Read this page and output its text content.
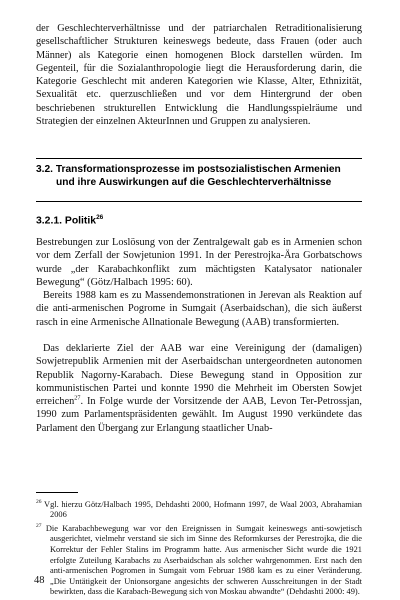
der Geschlechterverhältnisse und der patriarchalen Retraditionalisierung gesellschaftlicher Strukturen keineswegs bedeute, dass Frauen (oder auch Männer) als Kategorie einen homogenen Block darstellen würden. Im Gegenteil, für die Sozialanthropologie liegt die Herausforderung darin, die Kategorie Geschlecht mit anderen Kategorien wie Klasse, Alter, Ethnizität, Sexualität etc. querzuschließen und vor dem Hintergrund der oben beschriebenen strukturellen Entwicklung die Handlungsspielräume und Strategien der einzelnen AkteurInnen und Gruppen zu analysieren.

3.2. Transformationsprozesse im postsozialistischen Armenien
und ihre Auswirkungen auf die Geschlechterverhältnisse
3.2.1. Politik$^{26}$

Bestrebungen zur Loslösung von der Zentralgewalt gab es in Armenien schon vor dem Zerfall der Sowjetunion 1991. In der Perestrojka-Ära Gorbatschows wurde „der Karabachkonflikt zum mächtigsten Katalysator nationaler Bewegung“ (Götz/Halbach 1995: 60).

Bereits 1988 kam es zu Massendemonstrationen in Jerevan als Reaktion auf die anti-armenischen Pogrome in Sumgait (Aserbaidschan), die sich äußerst rasch in eine Armenische Allnationale Bewegung (AAB) transformierten.

Das deklarierte Ziel der AAB war eine Vereinigung der (damaligen) Sowjetrepublik Armenien mit der Aserbaidschan untergeordneten autonomen Republik Nagorny-Karabach. Diese Bewegung stand in Opposition zur kommunistischen Partei und konnte 1990 die Mehrheit im Obersten Sowjet erreichen$^{27}$. In Folge wurde der Vorsitzende der AAB, Levon Ter-Petrossjan, 1990 zum Parlamentspräsidenten gewählt. Im August 1990 verkündete das Parlament den Übergang zur Erlangung staatlicher Unab-

$^{26}$ Vgl. hierzu Götz/Halbach 1995, Dehdashti 2000, Hofmann 1997, de Waal 2003, Abrahamian 2006

$^{27}$ Die Karabachbewegung war vor den Ereignissen in Sumgait keineswegs anti-sowjetisch ausgerichtet, vielmehr verstand sie sich im Sinne des Reformkurses der Perestrojka, die die Korrektur der Fehler Stalins im Programm hatte. Aus armenischer Sicht wurde die 1921 erfolgte Zuteilung Karabachs zu Aserbaidschan als solcher wahrgenommen. Erst nach den anti-armenischen Pogromen in Sumgait vom Februar 1988 kam es zu einer Veränderung. „Die Untätigkeit der Unionsorgane angesichts der schweren Ausschreitungen in der Stadt bewirkten, dass die Karabach-Bewegung sich von Moskau abwandte“ (Dehdashti 2000: 49).

48
